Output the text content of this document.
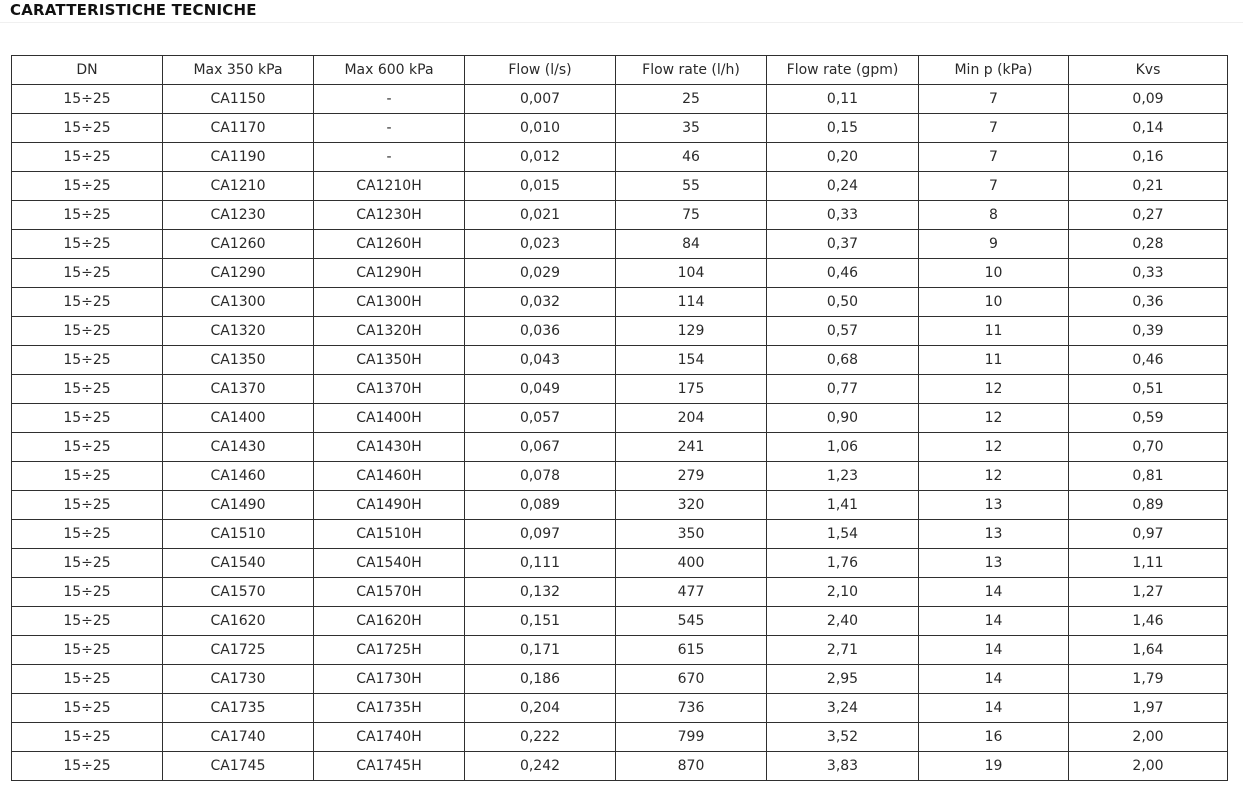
CARATTERISTICHE TECNICHE
DN	Max 350 kPa	Max 600 kPa	Flow (l/s)	Flow rate (l/h)	Flow rate (gpm)	Min p (kPa)	Kvs
15÷25	CA1150	-	0,007	25	0,11	7	0,09
15÷25	CA1170	-	0,010	35	0,15	7	0,14
15÷25	CA1190	-	0,012	46	0,20	7	0,16
15÷25	CA1210	CA1210H	0,015	55	0,24	7	0,21
15÷25	CA1230	CA1230H	0,021	75	0,33	8	0,27
15÷25	CA1260	CA1260H	0,023	84	0,37	9	0,28
15÷25	CA1290	CA1290H	0,029	104	0,46	10	0,33
15÷25	CA1300	CA1300H	0,032	114	0,50	10	0,36
15÷25	CA1320	CA1320H	0,036	129	0,57	11	0,39
15÷25	CA1350	CA1350H	0,043	154	0,68	11	0,46
15÷25	CA1370	CA1370H	0,049	175	0,77	12	0,51
15÷25	CA1400	CA1400H	0,057	204	0,90	12	0,59
15÷25	CA1430	CA1430H	0,067	241	1,06	12	0,70
15÷25	CA1460	CA1460H	0,078	279	1,23	12	0,81
15÷25	CA1490	CA1490H	0,089	320	1,41	13	0,89
15÷25	CA1510	CA1510H	0,097	350	1,54	13	0,97
15÷25	CA1540	CA1540H	0,111	400	1,76	13	1,11
15÷25	CA1570	CA1570H	0,132	477	2,10	14	1,27
15÷25	CA1620	CA1620H	0,151	545	2,40	14	1,46
15÷25	CA1725	CA1725H	0,171	615	2,71	14	1,64
15÷25	CA1730	CA1730H	0,186	670	2,95	14	1,79
15÷25	CA1735	CA1735H	0,204	736	3,24	14	1,97
15÷25	CA1740	CA1740H	0,222	799	3,52	16	2,00
15÷25	CA1745	CA1745H	0,242	870	3,83	19	2,00
